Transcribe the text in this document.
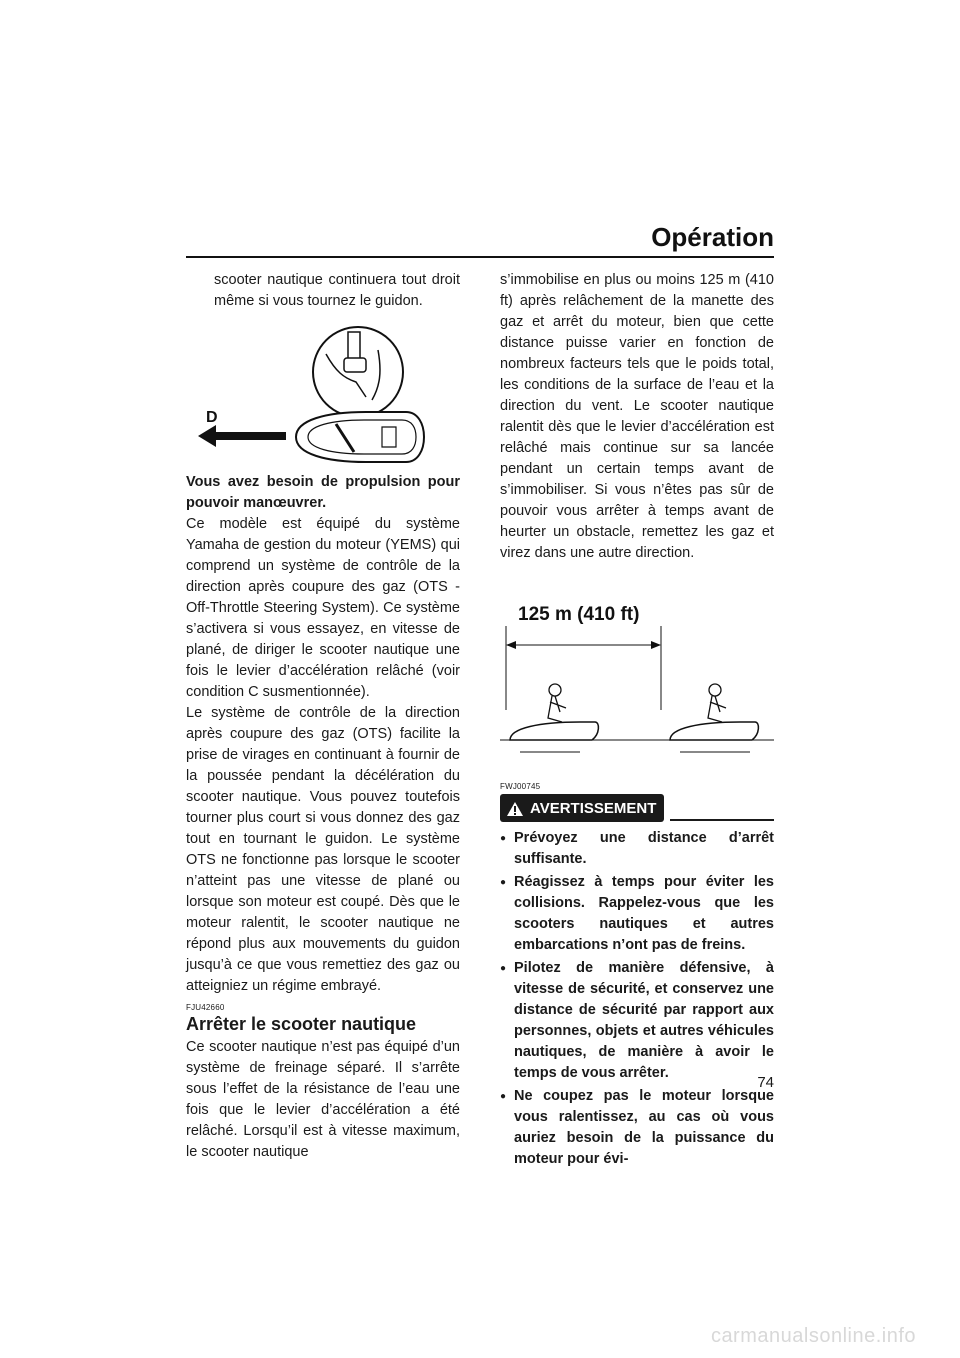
Opération

scooter nautique continuera tout droit même si vous tournez le guidon.

D

Vous avez besoin de propulsion pour pouvoir manœuvrer.

Ce modèle est équipé du système Yamaha de gestion du moteur (YEMS) qui comprend un système de contrôle de la direction après coupure des gaz (OTS - Off-Throttle Steering System). Ce système s’activera si vous essayez, en vitesse de plané, de diriger le scooter nautique une fois le levier d’accélération relâché (voir condition C susmentionnée).

Le système de contrôle de la direction après coupure des gaz (OTS) facilite la prise de virages en continuant à fournir de la poussée pendant la décélération du scooter nautique. Vous pouvez toutefois tourner plus court si vous donnez des gaz tout en tournant le guidon. Le système OTS ne fonctionne pas lorsque le scooter n’atteint pas une vitesse de plané ou lorsque son moteur est coupé. Dès que le moteur ralentit, le scooter nautique ne répond plus aux mouvements du guidon jusqu’à ce que vous remettiez des gaz ou atteigniez un régime embrayé.

FJU42660
Arrêter le scooter nautique

Ce scooter nautique n’est pas équipé d’un système de freinage séparé. Il s’arrête sous l’effet de la résistance de l’eau une fois que le levier d’accélération a été relâché. Lorsqu’il est à vitesse maximum, le scooter nautique

s’immobilise en plus ou moins 125 m (410 ft) après relâchement de la manette des gaz et arrêt du moteur, bien que cette distance puisse varier en fonction de nombreux facteurs tels que le poids total, les conditions de la surface de l’eau et la direction du vent. Le scooter nautique ralentit dès que le levier d’accélération est relâché mais continue sur sa lancée pendant un certain temps avant de s’immobiliser. Si vous n’êtes pas sûr de pouvoir vous arrêter à temps avant de heurter un obstacle, remettez les gaz et virez dans une autre direction.

125 m (410 ft)
FWJ00745
AVERTISSEMENT
● Prévoyez une distance d’arrêt suffisante.
● Réagissez à temps pour éviter les collisions. Rappelez-vous que les scooters nautiques et autres embarcations n’ont pas de freins.
● Pilotez de manière défensive, à vitesse de sécurité, et conservez une distance de sécurité par rapport aux personnes, objets et autres véhicules nautiques, de manière à avoir le temps de vous arrêter.
● Ne coupez pas le moteur lorsque vous ralentissez, au cas où vous auriez besoin de la puissance du moteur pour évi-
74
carmanualsonline.info
